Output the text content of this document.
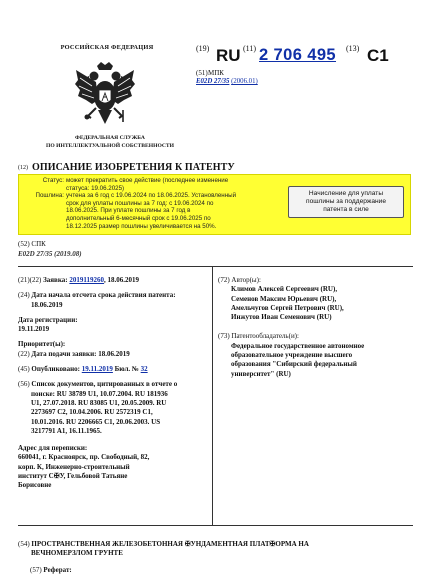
РОССИЙСКАЯ ФЕДЕРАЦИЯ
ФЕДЕРАЛЬНАЯ СЛУЖБА
ПО ИНТЕЛЛЕКТУАЛЬНОЙ СОБСТВЕННОСТИ
(19) RU (11) 2 706 495 (13) C1
(51) МПК
E02D 27/35 (2006.01)
(12) ОПИСАНИЕ ИЗОБРЕТЕНИЯ К ПАТЕНТУ
Статус: может прекратить свое действие (последнее изменение
статуса: 19.06.2025)
Пошлина: учтена за 6 год с 19.06.2024 по 18.06.2025. Установленный
срок для уплаты пошлины за 7 год: с 19.06.2024 по
18.06.2025. При уплате пошлины за 7 год в
дополнительный 6-месячный срок с 19.06.2025 по
18.12.2025 размер пошлины увеличивается на 50%.
Начисление для уплаты
пошлины за поддержание
патента в силе
(52) СПК
E02D 27/35 (2019.08)
(21)(22) Заявка: 2019119260, 18.06.2019
(24) Дата начала отсчета срока действия патента:
18.06.2019
Дата регистрации:
19.11.2019
Приоритет(ы):
(22) Дата подачи заявки: 18.06.2019
(45) Опубликовано: 19.11.2019 Бюл. № 32
(56) Список документов, цитированных в отчете о
поиске: RU 38789 U1, 10.07.2004. RU 181936
U1, 27.07.2018. RU 83085 U1, 20.05.2009. RU
2273697 C2, 10.04.2006. RU 2572319 C1,
10.01.2016. RU 2206665 C1, 20.06.2003. US
3217791 A1, 16.11.1965.
Адрес для переписки:
660041, г. Красноярск, пр. Свободный, 82,
корп. К, Инженерно-строительный
институт С✠У, Гельбовой Татьяне
Борисовне
(72) Автор(ы):
Климов Алексей Сергеевич (RU),
Семенов Максим Юрьевич (RU),
Амельчугов Сергей Петрович (RU),
Инжутов Иван Семенович (RU)
(73) Патентообладатель(и):
Федеральное государственное автономное
образовательное учреждение высшего
образования "Сибирский федеральный
университет" (RU)
(54) ПРОСТРАНСТВЕННАЯ ЖЕЛЕЗОБЕТОННАЯ ✠УНДАМЕНТНАЯ ПЛАТ✠ОРМА НА
ВЕЧНОМЕРЗЛОМ ГРУНТЕ
(57) Реферат:
